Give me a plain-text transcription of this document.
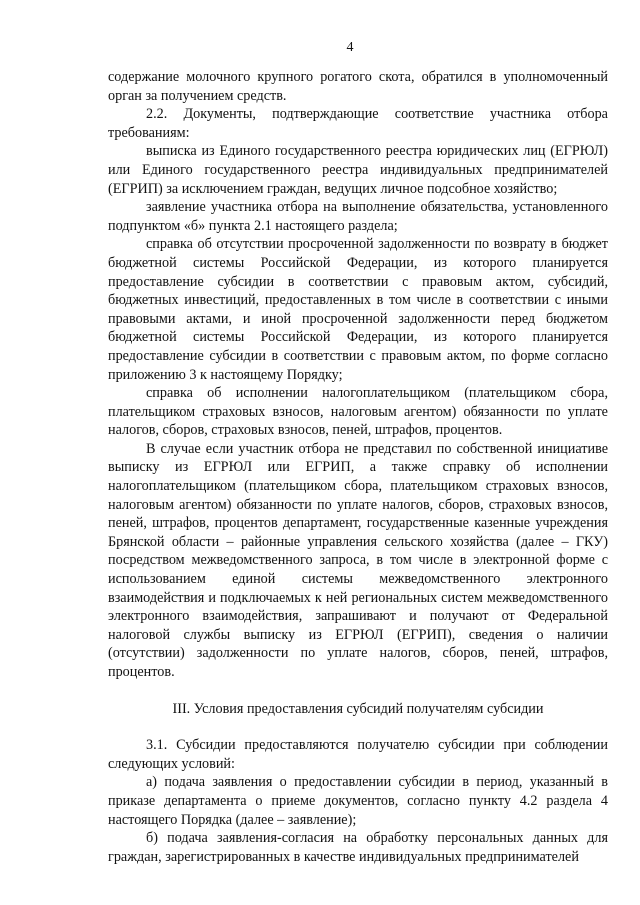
4

содержание молочного крупного рогатого скота, обратился в уполномоченный орган за получением средств.

2.2. Документы, подтверждающие соответствие участника отбора требованиям:

выписка из Единого государственного реестра юридических лиц (ЕГРЮЛ) или Единого государственного реестра индивидуальных предпринимателей (ЕГРИП) за исключением граждан, ведущих личное подсобное хозяйство;

заявление участника отбора на выполнение обязательства, установленного подпунктом «б» пункта 2.1 настоящего раздела;

справка об отсутствии просроченной задолженности по возврату в бюджет бюджетной системы Российской Федерации, из которого планируется предоставление субсидии в соответствии с правовым актом, субсидий, бюджетных инвестиций, предоставленных в том числе в соответствии с иными правовыми актами, и иной просроченной задолженности перед бюджетом бюджетной системы Российской Федерации, из которого планируется предоставление субсидии в соответствии с правовым актом, по форме согласно приложению 3 к настоящему Порядку;

справка об исполнении налогоплательщиком (плательщиком сбора, плательщиком страховых взносов, налоговым агентом) обязанности по уплате налогов, сборов, страховых взносов, пеней, штрафов, процентов.

В случае если участник отбора не представил по собственной инициативе выписку из ЕГРЮЛ или ЕГРИП, а также справку об исполнении налогоплательщиком (плательщиком сбора, плательщиком страховых взносов, налоговым агентом) обязанности по уплате налогов, сборов, страховых взносов, пеней, штрафов, процентов департамент, государственные казенные учреждения Брянской области – районные управления сельского хозяйства (далее – ГКУ) посредством межведомственного запроса, в том числе в электронной форме с использованием единой системы межведомственного электронного взаимодействия и подключаемых к ней региональных систем межведомственного электронного взаимодействия, запрашивают и получают от Федеральной налоговой службы выписку из ЕГРЮЛ (ЕГРИП), сведения о наличии (отсутствии) задолженности по уплате налогов, сборов, пеней, штрафов, процентов.

III. Условия предоставления субсидий получателям субсидии

3.1. Субсидии предоставляются получателю субсидии при соблюдении следующих условий:

а) подача заявления о предоставлении субсидии в период, указанный в приказе департамента о приеме документов, согласно пункту 4.2 раздела 4 настоящего Порядка (далее – заявление);

б) подача заявления-согласия на обработку персональных данных для граждан, зарегистрированных в качестве индивидуальных предпринимателей
